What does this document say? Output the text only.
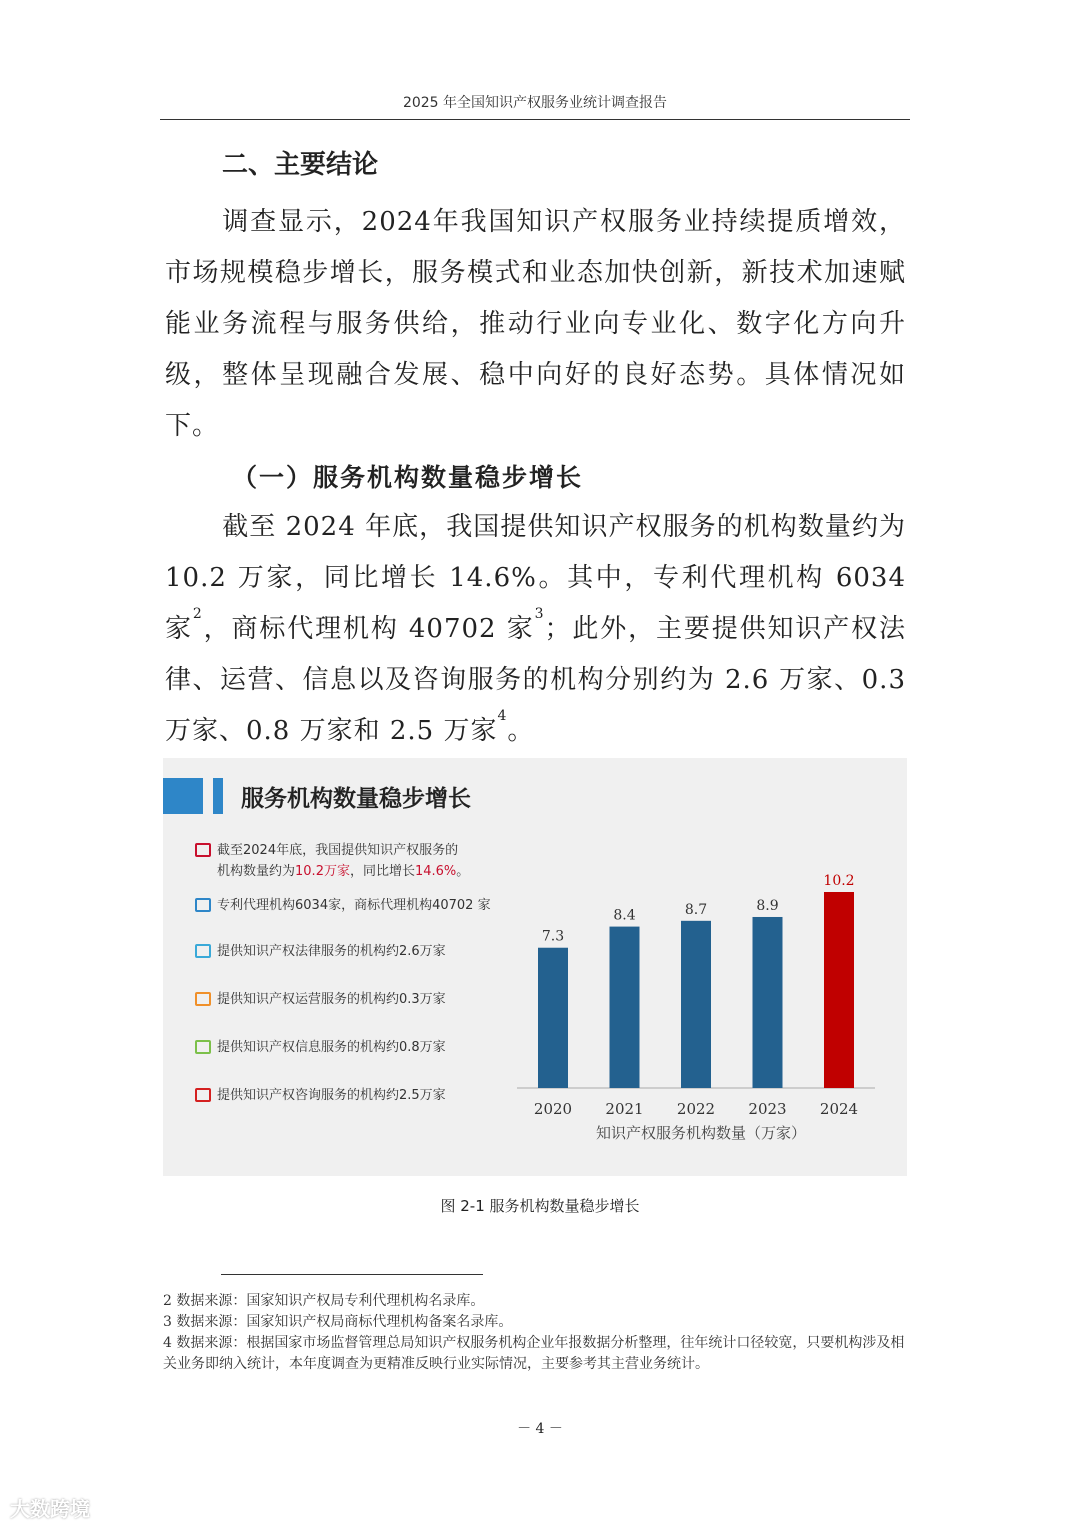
2025 年全国知识产权服务业统计调查报告
二、主要结论
调查显示，2024年我国知识产权服务业持续提质增效，市场规模稳步增长，服务模式和业态加快创新，新技术加速赋能业务流程与服务供给，推动行业向专业化、数字化方向升级，整体呈现融合发展、稳中向好的良好态势。具体情况如下。
（一）服务机构数量稳步增长
截至 2024 年底，我国提供知识产权服务的机构数量约为 10.2 万家，同比增长 14.6%。其中，专利代理机构 6034 家$^2$，商标代理机构 40702 家$^3$；此外，主要提供知识产权法律、运营、信息以及咨询服务的机构分别约为 2.6 万家、0.3 万家、0.8 万家和 2.5 万家$^4$。
服务机构数量稳步增长
截至2024年底，我国提供知识产权服务的
机构数量约为10.2万家，同比增长14.6%。
专利代理机构6034家，商标代理机构40702 家
提供知识产权法律服务的机构约2.6万家
提供知识产权运营服务的机构约0.3万家
提供知识产权信息服务的机构约0.8万家
提供知识产权咨询服务的机构约2.5万家
7.3
2020
8.4
2021
8.7
2022
8.9
2023
10.2
2024
知识产权服务机构数量（万家）
图 2-1 服务机构数量稳步增长
2 数据来源：国家知识产权局专利代理机构名录库。
3 数据来源：国家知识产权局商标代理机构备案名录库。
4 数据来源：根据国家市场监督管理总局知识产权服务机构企业年报数据分析整理，往年统计口径较宽，只要机构涉及相关业务即纳入统计，本年度调查为更精准反映行业实际情况，主要参考其主营业务统计。
－ 4 －
大数跨境
